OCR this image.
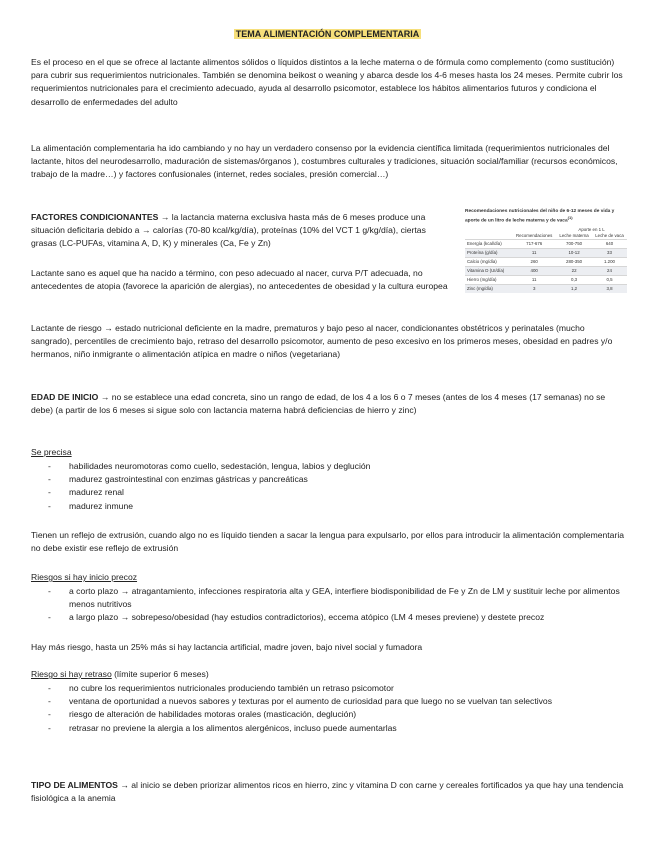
TEMA ALIMENTACIÓN COMPLEMENTARIA

Es el proceso en el que se ofrece al lactante alimentos sólidos o líquidos distintos a la leche materna o de fórmula como complemento (como sustitución) para cubrir sus requerimientos nutricionales. También se denomina beikost o weaning y abarca desde los 4-6 meses hasta los 24 meses. Permite cubrir los requerimientos nutricionales para el crecimiento adecuado, ayuda al desarrollo psicomotor, establece los hábitos alimentarios futuros y condiciona el desarrollo de enfermedades del adulto

La alimentación complementaria ha ido cambiando y no hay un verdadero consenso por la evidencia científica limitada (requerimientos nutricionales del lactante, hitos del neurodesarrollo, maduración de sistemas/órganos ), costumbres culturales y tradiciones, situación social/familiar (recursos económicos, trabajo de la madre…) y factores confusionales (internet, redes sociales, presión comercial…)

FACTORES CONDICIONANTES → la lactancia materna exclusiva hasta más de 6 meses produce una situación deficitaria debido a → calorías (70-80 kcal/kg/día), proteínas (10% del VCT 1 g/kg/día), ciertas grasas (LC-PUFAs, vitamina A, D, K) y minerales (Ca, Fe y Zn)

Lactante sano es aquel que ha nacido a término, con peso adecuado al nacer, curva P/T adecuada, no antecedentes de atopia (favorece la aparición de alergias), no antecedentes de obesidad y la cultura europea

Recomendaciones nutricionales del niño de 6-12 meses de vida y aporte de un litro de leche materna y de vaca$^{(1)}$
		Aporte en 1 L	
	Recomendaciones	Leche materna	Leche de vaca
Energía (kcal/día)	717-676	700-750	640
Proteína (g/día)	11	10-12	33
Calcio (mg/día)	260	280-350	1.200
Vitamina D (UI/día)	400	22	24
Hierro (mg/día)	11	0,3	0,5
Zinc (mg/día)	3	1,2	3,8

Lactante de riesgo → estado nutricional deficiente en la madre, prematuros y bajo peso al nacer, condicionantes obstétricos y perinatales (mucho sangrado), percentiles de crecimiento bajo, retraso del desarrollo psicomotor, aumento de peso excesivo en los primeros meses, obesidad en padres y/o hermanos, niño inmigrante o alimentación atípica en madre o niños (vegetariana)

EDAD DE INICIO → no se establece una edad concreta, sino un rango de edad, de los 4 a los 6 o 7 meses (antes de los 4 meses (17 semanas) no se debe) (a partir de los 6 meses si sigue solo con lactancia materna habrá deficiencias de hierro y zinc)

Se precisa

- habilidades neuromotoras como cuello, sedestación, lengua, labios y deglución
- madurez gastrointestinal con enzimas gástricas y pancreáticas
- madurez renal
- madurez inmune

Tienen un reflejo de extrusión, cuando algo no es líquido tienden a sacar la lengua para expulsarlo, por ellos para introducir la alimentación complementaria no debe existir ese reflejo de extrusión

Riesgos si hay inicio precoz

- a corto plazo → atragantamiento, infecciones respiratoria alta y GEA, interfiere biodisponibilidad de Fe y Zn de LM y sustituir leche por alimentos menos nutritivos
- a largo plazo → sobrepeso/obesidad (hay estudios contradictorios), eccema atópico (LM 4 meses previene) y destete precoz

Hay más riesgo, hasta un 25% más si hay lactancia artificial, madre joven, bajo nivel social y fumadora

Riesgo si hay retraso (límite superior 6 meses)

- no cubre los requerimientos nutricionales produciendo también un retraso psicomotor
- ventana de oportunidad a nuevos sabores y texturas por el aumento de curiosidad para que luego no se vuelvan tan selectivos
- riesgo de alteración de habilidades motoras orales (masticación, deglución)
- retrasar no previene la alergia a los alimentos alergénicos, incluso puede aumentarlas

TIPO DE ALIMENTOS → al inicio se deben priorizar alimentos ricos en hierro, zinc y vitamina D con carne y cereales fortificados ya que hay una tendencia fisiológica a la anemia
